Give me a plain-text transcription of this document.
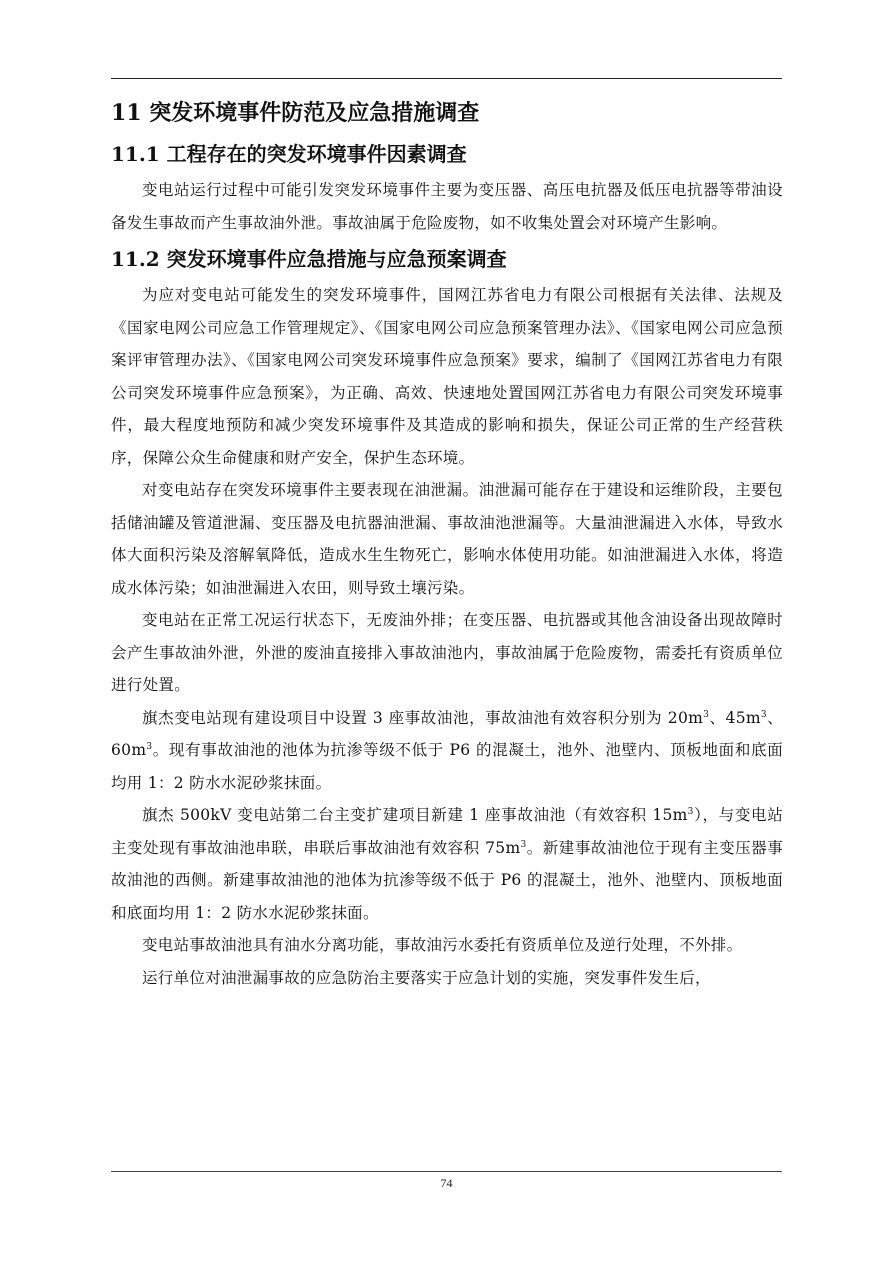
11 突发环境事件防范及应急措施调查
11.1 工程存在的突发环境事件因素调查

变电站运行过程中可能引发突发环境事件主要为变压器、高压电抗器及低压电抗器等带油设备发生事故而产生事故油外泄。事故油属于危险废物，如不收集处置会对环境产生影响。

11.2 突发环境事件应急措施与应急预案调查

为应对变电站可能发生的突发环境事件，国网江苏省电力有限公司根据有关法律、法规及《国家电网公司应急工作管理规定》、《国家电网公司应急预案管理办法》、《国家电网公司应急预案评审管理办法》、《国家电网公司突发环境事件应急预案》要求，编制了《国网江苏省电力有限公司突发环境事件应急预案》，为正确、高效、快速地处置国网江苏省电力有限公司突发环境事件，最大程度地预防和减少突发环境事件及其造成的影响和损失，保证公司正常的生产经营秩序，保障公众生命健康和财产安全，保护生态环境。

对变电站存在突发环境事件主要表现在油泄漏。油泄漏可能存在于建设和运维阶段，主要包括储油罐及管道泄漏、变压器及电抗器油泄漏、事故油池泄漏等。大量油泄漏进入水体，导致水体大面积污染及溶解氧降低，造成水生生物死亡，影响水体使用功能。如油泄漏进入水体，将造成水体污染；如油泄漏进入农田，则导致土壤污染。

变电站在正常工况运行状态下，无废油外排；在变压器、电抗器或其他含油设备出现故障时会产生事故油外泄，外泄的废油直接排入事故油池内，事故油属于危险废物，需委托有资质单位进行处置。

旗杰变电站现有建设项目中设置 3 座事故油池，事故油池有效容积分别为 $20m^3$、$45m^3$、$60m^3$。现有事故油池的池体为抗渗等级不低于 P6 的混凝土，池外、池壁内、顶板地面和底面均用 1：2 防水水泥砂浆抹面。

旗杰 500kV 变电站第二台主变扩建项目新建 1 座事故油池（有效容积 $15m^3$），与变电站主变处现有事故油池串联，串联后事故油池有效容积 $75m^3$。新建事故油池位于现有主变压器事故油池的西侧。新建事故油池的池体为抗渗等级不低于 P6 的混凝土，池外、池壁内、顶板地面和底面均用 1：2 防水水泥砂浆抹面。

变电站事故油池具有油水分离功能，事故油污水委托有资质单位及逆行处理，不外排。

运行单位对油泄漏事故的应急防治主要落实于应急计划的实施，突发事件发生后，

74
